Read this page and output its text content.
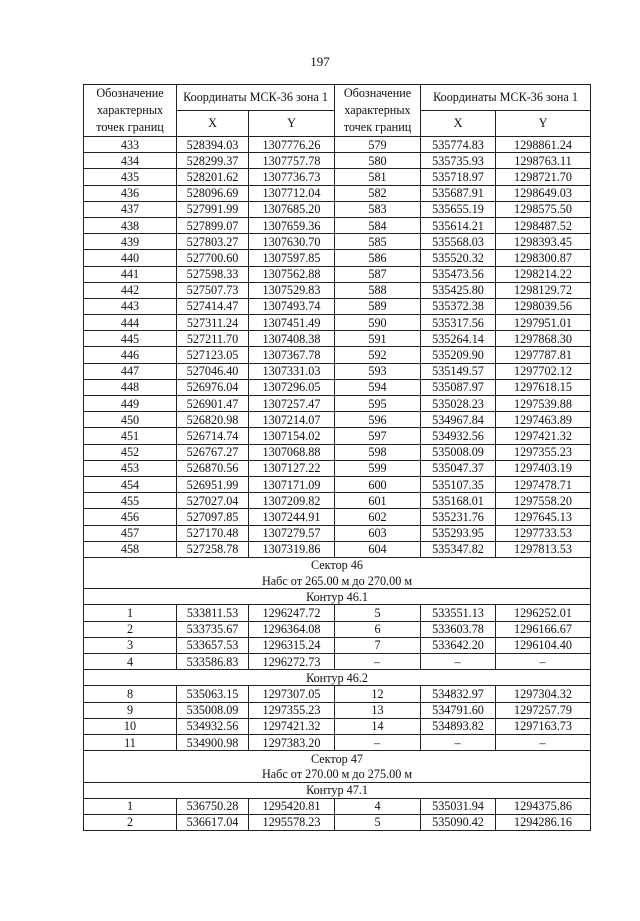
197
Обозначение характерных точек границ	Координаты МСК-36 зона 1		Обозначение характерных точек границ	Координаты МСК-36 зона 1	
	X	Y		X	Y
433	528394.03	1307776.26	579	535774.83	1298861.24
434	528299.37	1307757.78	580	535735.93	1298763.11
435	528201.62	1307736.73	581	535718.97	1298721.70
436	528096.69	1307712.04	582	535687.91	1298649.03
437	527991.99	1307685.20	583	535655.19	1298575.50
438	527899.07	1307659.36	584	535614.21	1298487.52
439	527803.27	1307630.70	585	535568.03	1298393.45
440	527700.60	1307597.85	586	535520.32	1298300.87
441	527598.33	1307562.88	587	535473.56	1298214.22
442	527507.73	1307529.83	588	535425.80	1298129.72
443	527414.47	1307493.74	589	535372.38	1298039.56
444	527311.24	1307451.49	590	535317.56	1297951.01
445	527211.70	1307408.38	591	535264.14	1297868.30
446	527123.05	1307367.78	592	535209.90	1297787.81
447	527046.40	1307331.03	593	535149.57	1297702.12
448	526976.04	1307296.05	594	535087.97	1297618.15
449	526901.47	1307257.47	595	535028.23	1297539.88
450	526820.98	1307214.07	596	534967.84	1297463.89
451	526714.74	1307154.02	597	534932.56	1297421.32
452	526767.27	1307068.88	598	535008.09	1297355.23
453	526870.56	1307127.22	599	535047.37	1297403.19
454	526951.99	1307171.09	600	535107.35	1297478.71
455	527027.04	1307209.82	601	535168.01	1297558.20
456	527097.85	1307244.91	602	535231.76	1297645.13
457	527170.48	1307279.57	603	535293.95	1297733.53
458	527258.78	1307319.86	604	535347.82	1297813.53
Сектор 46					
Набс от 265.00 м до 270.00 м					
Контур 46.1					
1	533811.53	1296247.72	5	533551.13	1296252.01
2	533735.67	1296364.08	6	533603.78	1296166.67
3	533657.53	1296315.24	7	533642.20	1296104.40
4	533586.83	1296272.73	–	–	–
Контур 46.2					
8	535063.15	1297307.05	12	534832.97	1297304.32
9	535008.09	1297355.23	13	534791.60	1297257.79
10	534932.56	1297421.32	14	534893.82	1297163.73
11	534900.98	1297383.20	–	–	–
Сектор 47					
Набс от 270.00 м до 275.00 м					
Контур 47.1					
1	536750.28	1295420.81	4	535031.94	1294375.86
2	536617.04	1295578.23	5	535090.42	1294286.16
